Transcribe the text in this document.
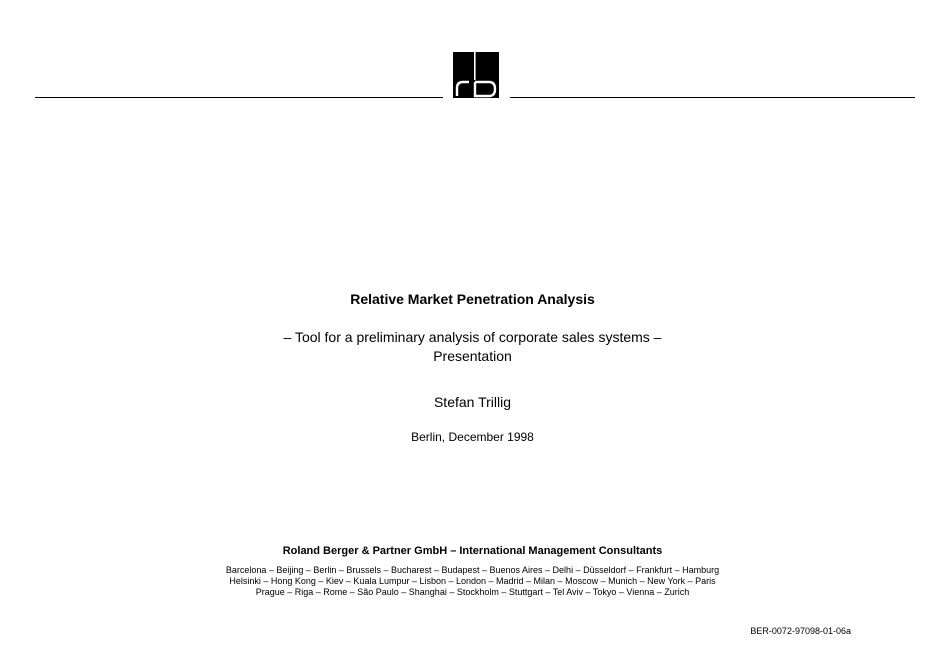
Relative Market Penetration Analysis
– Tool for a preliminary analysis of corporate sales systems –
Presentation
Stefan Trillig
Berlin, December 1998
Roland Berger & Partner GmbH – International Management Consultants
Barcelona – Beijing – Berlin – Brussels – Bucharest – Budapest – Buenos Aires – Delhi – Düsseldorf – Frankfurt – Hamburg
Helsinki – Hong Kong – Kiev – Kuala Lumpur – Lisbon – London – Madrid – Milan – Moscow – Munich – New York – Paris
Prague – Riga – Rome – São Paulo – Shanghai – Stockholm – Stuttgart – Tel Aviv – Tokyo – Vienna – Zurich
BER-0072-97098-01-06a
